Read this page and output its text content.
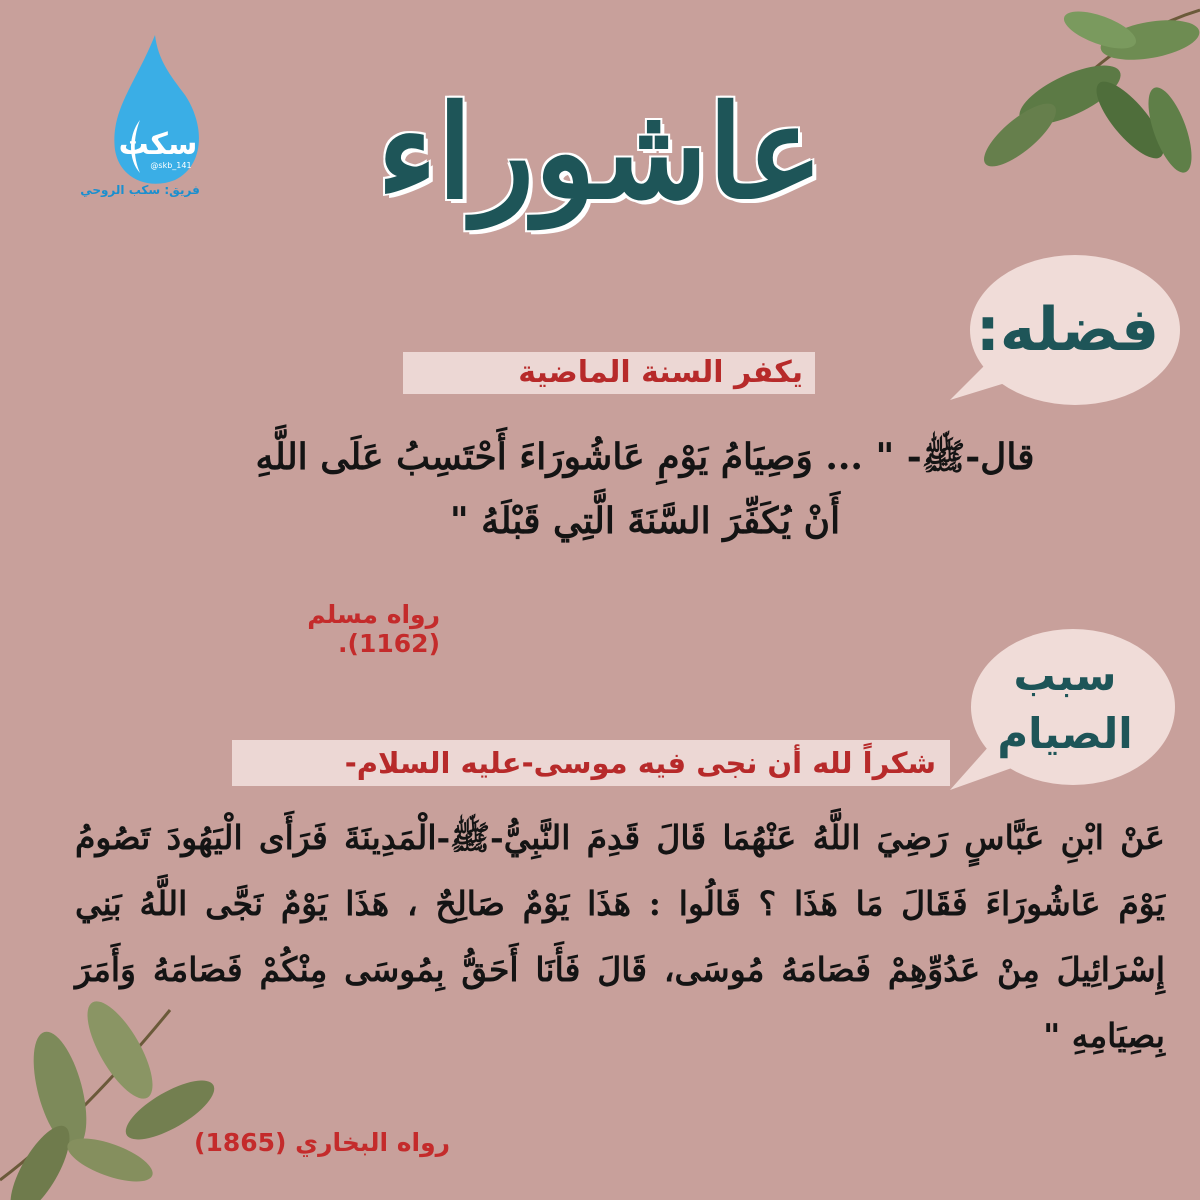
سكت
@skb_141
فريق: سكب الروحي عاشوراء
فضله:
يكفر السنة الماضية
قال-ﷺ- " ... وَصِيَامُ يَوْمِ عَاشُورَاءَ أَحْتَسِبُ عَلَى اللَّهِ
أَنْ يُكَفِّرَ السَّنَةَ الَّتِي قَبْلَهُ "
رواه مسلم (1162).
سبب
الصيام
شكراً لله أن نجى فيه موسى-عليه السلام-
عَنْ ابْنِ عَبَّاسٍ رَضِيَ اللَّهُ عَنْهُمَا قَالَ قَدِمَ النَّبِيُّ-ﷺ-الْمَدِينَةَ فَرَأَى الْيَهُودَ تَصُومُ يَوْمَ عَاشُورَاءَ فَقَالَ مَا هَذَا ؟ قَالُوا : هَذَا يَوْمٌ صَالِحٌ ، هَذَا يَوْمٌ نَجَّى اللَّهُ بَنِي إِسْرَائِيلَ مِنْ عَدُوِّهِمْ فَصَامَهُ مُوسَى، قَالَ فَأَنَا أَحَقُّ بِمُوسَى مِنْكُمْ فَصَامَهُ وَأَمَرَ بِصِيَامِهِ "
رواه البخاري (1865)
